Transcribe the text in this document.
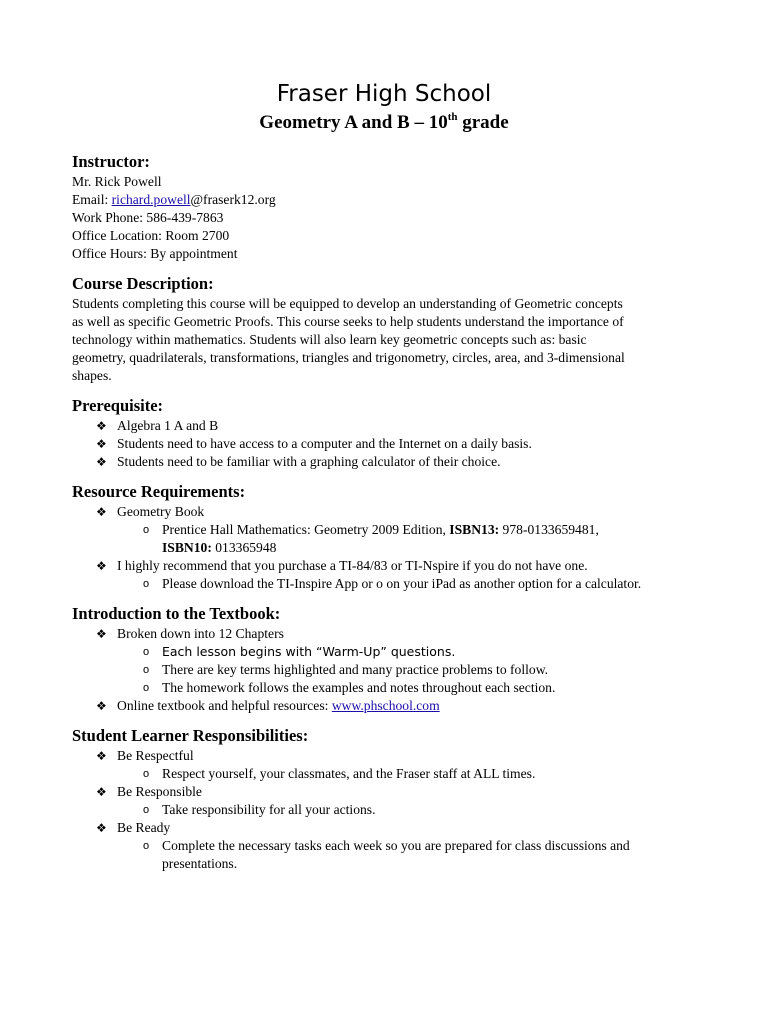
Fraser High School
Geometry A and B – 10th grade
Instructor:
Mr. Rick Powell
Email: richard.powell@fraserk12.org
Work Phone: 586-439-7863
Office Location: Room 2700
Office Hours: By appointment
Course Description:
Students completing this course will be equipped to develop an understanding of Geometric concepts
as well as specific Geometric Proofs. This course seeks to help students understand the importance of
technology within mathematics. Students will also learn key geometric concepts such as: basic
geometry, quadrilaterals, transformations, triangles and trigonometry, circles, area, and 3-dimensional
shapes.
Prerequisite:
❖ Algebra 1 A and B
❖ Students need to have access to a computer and the Internet on a daily basis.
❖ Students need to be familiar with a graphing calculator of their choice.
Resource Requirements:
❖ Geometry Book
o Prentice Hall Mathematics: Geometry 2009 Edition, ISBN13: 978-0133659481,
ISBN10: 013365948
❖ I highly recommend that you purchase a TI-84/83 or TI-Nspire if you do not have one.
o Please download the TI-Inspire App or o on your iPad as another option for a calculator.
Introduction to the Textbook:
❖ Broken down into 12 Chapters
o Each lesson begins with “Warm-Up” questions.
o There are key terms highlighted and many practice problems to follow.
o The homework follows the examples and notes throughout each section.
❖ Online textbook and helpful resources: www.phschool.com
Student Learner Responsibilities:
❖ Be Respectful
o Respect yourself, your classmates, and the Fraser staff at ALL times.
❖ Be Responsible
o Take responsibility for all your actions.
❖ Be Ready
o Complete the necessary tasks each week so you are prepared for class discussions and
presentations.
